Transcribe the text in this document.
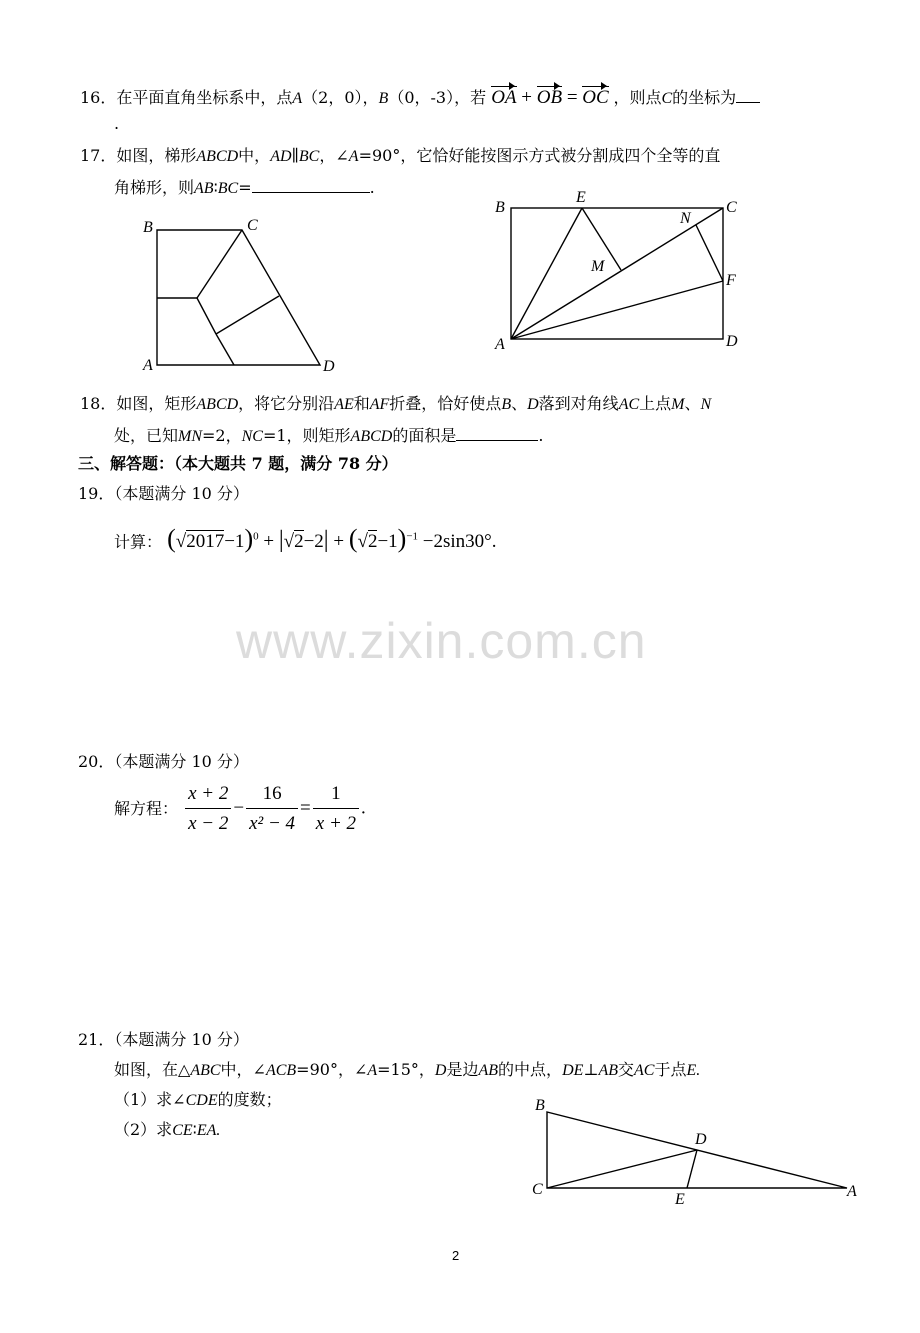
16．在平面直角坐标系中，点A（2，0），B（0，-3），若 OA + OB = OC ，则点C的坐标为
.
17．如图，梯形ABCD中，AD∥BC，∠A=90°，它恰好能按图示方式被分割成四个全等的直
角梯形，则AB∶BC=	.
B	C
A	D
B
E
C
N
M
F
A	D
18．如图，矩形ABCD，将它分别沿AE和AF折叠，恰好使点B、D落到对角线AC上点M、N
处，已知MN=2，NC=1，则矩形ABCD的面积是	.
三、解答题：（本大题共 7 题，满分 78 分）
19．（本题满分 10 分）
计算： $(√2017-1)^0 + |√2-2| + (√2-1)^{-1} -2\sin 30^\circ$.
www.zixin.com.cn
20．（本题满分 10 分）
解方程： $\frac{x + 2}{x - 2} - \frac{16}{\text{x² − 4}} = \frac{1}{x + 2}$ .
21．（本题满分 10 分）
如图，在△ABC中，∠ACB=90°，∠A=15°，D是边AB的中点，DE⊥AB交AC于点E.
（1）求∠CDE的度数；
（2）求CE∶EA.
B
D
C
E	A
2
